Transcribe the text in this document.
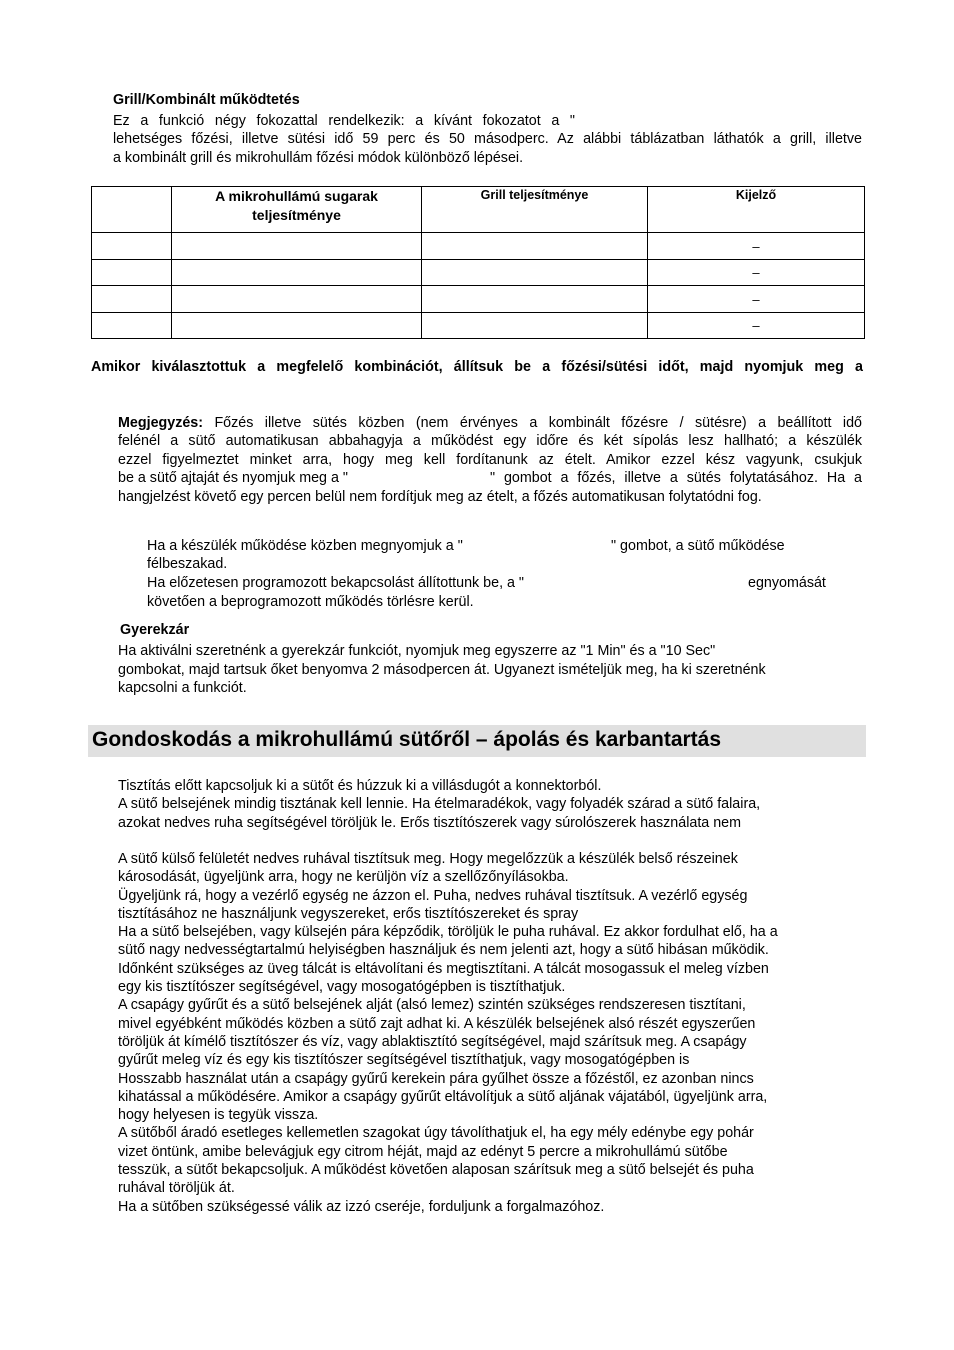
Grill/Kombinált működtetés
Ez a funkció négy fokozattal rendelkezik: a kívánt fokozatot a "
lehetséges főzési, illetve sütési idő 59 perc és 50 másodperc. Az alábbi táblázatban láthatók a grill, illetve
a kombinált grill és mikrohullám főzési módok különböző lépései.
	A mikrohullámú sugarak teljesítménye	Grill teljesítménye	Kijelző
			–
			–
			–
			–
Amikor kiválasztottuk a megfelelő kombinációt, állítsuk be a főzési/sütési időt, majd nyomjuk meg a
Megjegyzés: Főzés illetve sütés közben (nem érvényes a kombinált főzésre / sütésre) a beállított idő
felénél a sütő automatikusan abbahagyja a működést egy időre és két sípolás lesz hallható; a készülék
ezzel figyelmeztet minket arra, hogy meg kell fordítanunk az ételt. Amikor ezzel kész vagyunk, csukjuk
be a sütő ajtaját és nyomjuk meg a "	" gombot a főzés, illetve a sütés folytatásához. Ha a
hangjelzést követő egy percen belül nem fordítjuk meg az ételt, a főzés automatikusan folytatódni fog.
Ha a készülék működése közben megnyomjuk a "	" gombot, a sütő működése
félbeszakad.
Ha előzetesen programozott bekapcsolást állítottunk be, a "	egnyomását
követően a beprogramozott működés törlésre kerül.
Gyerekzár
Ha aktiválni szeretnénk a gyerekzár funkciót, nyomjuk meg egyszerre az "1 Min" és a "10 Sec"
gombokat, majd tartsuk őket benyomva 2 másodpercen át. Ugyanezt ismételjük meg, ha ki szeretnénk
kapcsolni a funkciót.
Gondoskodás a mikrohullámú sütőről – ápolás és karbantartás
Tisztítás előtt kapcsoljuk ki a sütőt és húzzuk ki a villásdugót a konnektorból.
A sütő belsejének mindig tisztának kell lennie. Ha ételmaradékok, vagy folyadék szárad a sütő falaira,
azokat nedves ruha segítségével töröljük le. Erős tisztítószerek vagy súrolószerek használata nem
A sütő külső felületét nedves ruhával tisztítsuk meg. Hogy megelőzzük a készülék belső részeinek
károsodását, ügyeljünk arra, hogy ne kerüljön víz a szellőzőnyílásokba.
Ügyeljünk rá, hogy a vezérlő egység ne ázzon el. Puha, nedves ruhával tisztítsuk. A vezérlő egység
tisztításához ne használjunk vegyszereket, erős tisztítószereket és spray
Ha a sütő belsejében, vagy külsején pára képződik, töröljük le puha ruhával. Ez akkor fordulhat elő, ha a
sütő nagy nedvességtartalmú helyiségben használjuk és nem jelenti azt, hogy a sütő hibásan működik.
Időnként szükséges az üveg tálcát is eltávolítani és megtisztítani. A tálcát mosogassuk el meleg vízben
egy kis tisztítószer segítségével, vagy mosogatógépben is tisztíthatjuk.
A csapágy gyűrűt és a sütő belsejének alját (alsó lemez) szintén szükséges rendszeresen tisztítani,
mivel egyébként működés közben a sütő zajt adhat ki. A készülék belsejének alsó részét egyszerűen
töröljük át kímélő tisztítószer és víz, vagy ablaktisztító segítségével, majd szárítsuk meg. A csapágy
gyűrűt meleg víz és egy kis tisztítószer segítségével tisztíthatjuk, vagy mosogatógépben is
Hosszabb használat után a csapágy gyűrű kerekein pára gyűlhet össze a főzéstől, ez azonban nincs
kihatással a működésére. Amikor a csapágy gyűrűt eltávolítjuk a sütő aljának vájatából, ügyeljünk arra,
hogy helyesen is tegyük vissza.
A sütőből áradó esetleges kellemetlen szagokat úgy távolíthatjuk el, ha egy mély edénybe egy pohár
vizet öntünk, amibe belevágjuk egy citrom héját, majd az edényt 5 percre a mikrohullámú sütőbe
tesszük, a sütőt bekapcsoljuk. A működést követően alaposan szárítsuk meg a sütő belsejét és puha
ruhával töröljük át.
Ha a sütőben szükségessé válik az izzó cseréje, forduljunk a forgalmazóhoz.
